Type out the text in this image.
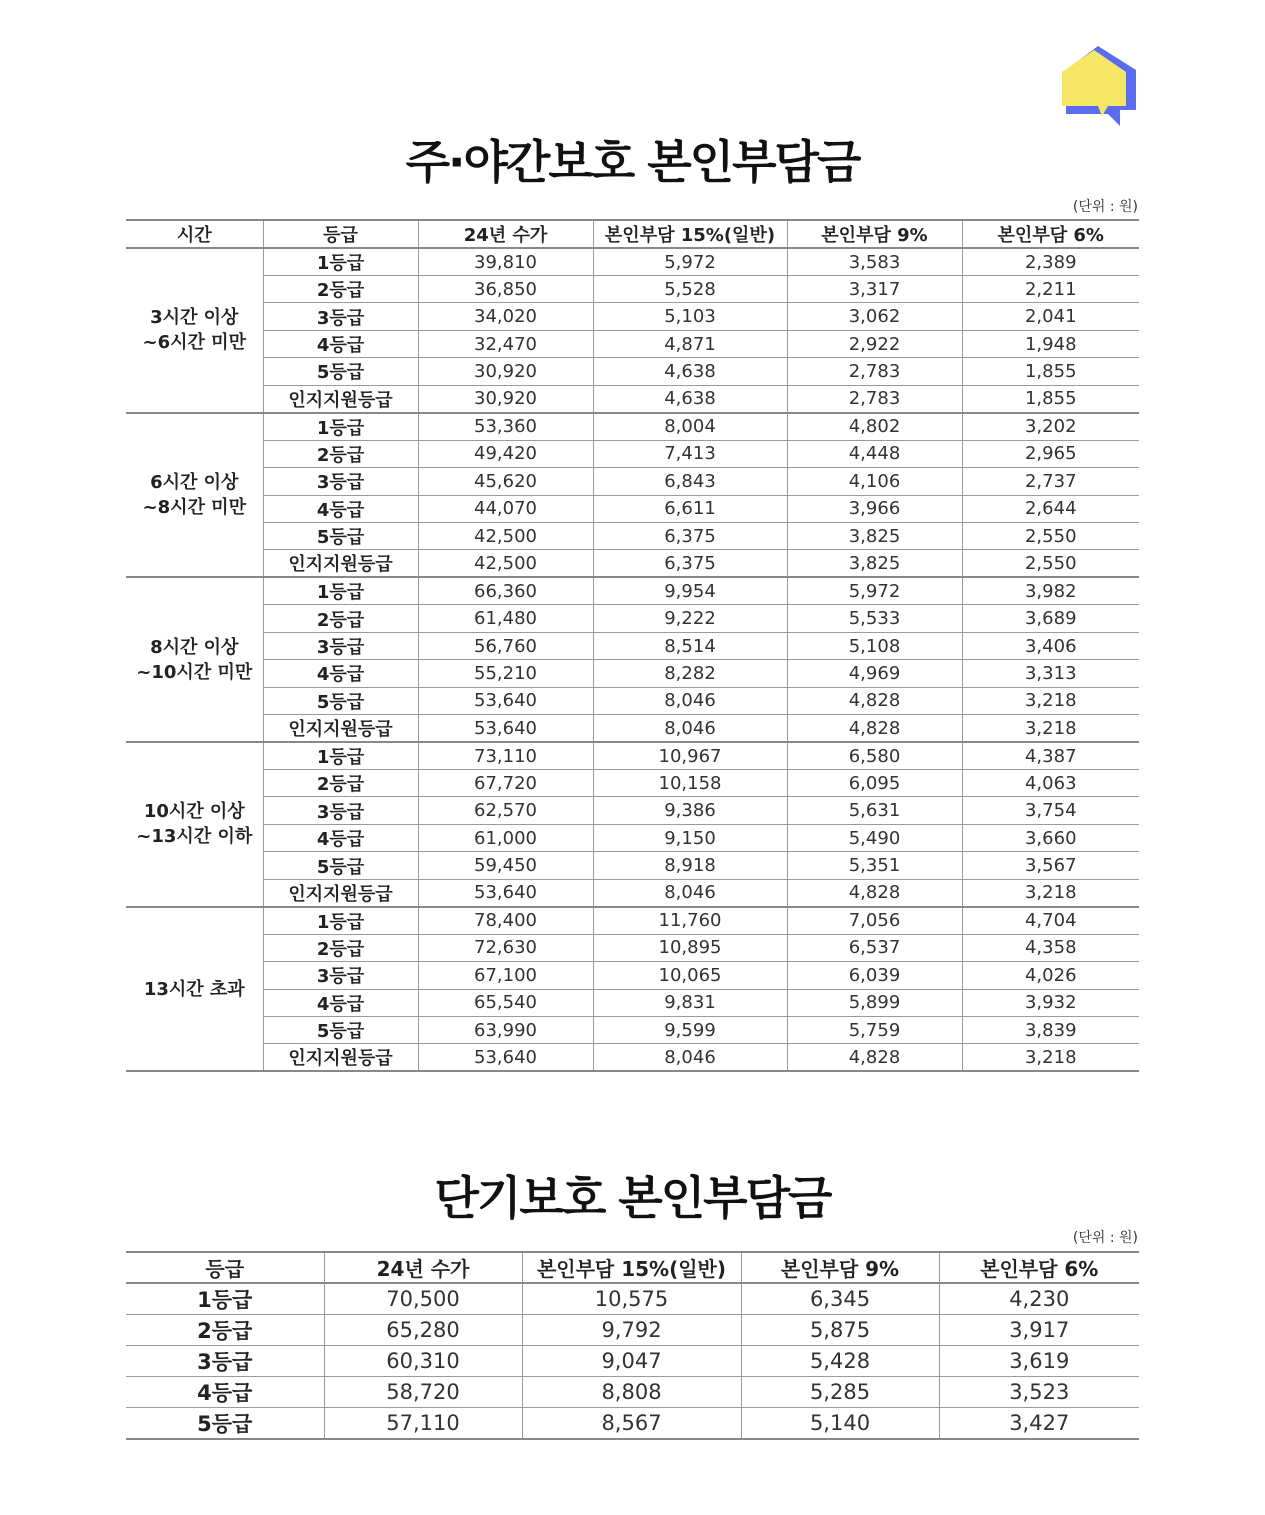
주·야간보호 본인부담금
(단위 : 원)
시간	등급	24년 수가	본인부담 15%(일반)	본인부담 9%	본인부담 6%
3시간 이상
~6시간 미만	1등급	39,810	5,972	3,583	2,389
	2등급	36,850	5,528	3,317	2,211
	3등급	34,020	5,103	3,062	2,041
	4등급	32,470	4,871	2,922	1,948
	5등급	30,920	4,638	2,783	1,855
	인지지원등급	30,920	4,638	2,783	1,855
6시간 이상
~8시간 미만	1등급	53,360	8,004	4,802	3,202
	2등급	49,420	7,413	4,448	2,965
	3등급	45,620	6,843	4,106	2,737
	4등급	44,070	6,611	3,966	2,644
	5등급	42,500	6,375	3,825	2,550
	인지지원등급	42,500	6,375	3,825	2,550
8시간 이상
~10시간 미만	1등급	66,360	9,954	5,972	3,982
	2등급	61,480	9,222	5,533	3,689
	3등급	56,760	8,514	5,108	3,406
	4등급	55,210	8,282	4,969	3,313
	5등급	53,640	8,046	4,828	3,218
	인지지원등급	53,640	8,046	4,828	3,218
10시간 이상
~13시간 이하	1등급	73,110	10,967	6,580	4,387
	2등급	67,720	10,158	6,095	4,063
	3등급	62,570	9,386	5,631	3,754
	4등급	61,000	9,150	5,490	3,660
	5등급	59,450	8,918	5,351	3,567
	인지지원등급	53,640	8,046	4,828	3,218
13시간 초과	1등급	78,400	11,760	7,056	4,704
	2등급	72,630	10,895	6,537	4,358
	3등급	67,100	10,065	6,039	4,026
	4등급	65,540	9,831	5,899	3,932
	5등급	63,990	9,599	5,759	3,839
	인지지원등급	53,640	8,046	4,828	3,218
단기보호 본인부담금
(단위 : 원)
등급	24년 수가	본인부담 15%(일반)	본인부담 9%	본인부담 6%
1등급	70,500	10,575	6,345	4,230
2등급	65,280	9,792	5,875	3,917
3등급	60,310	9,047	5,428	3,619
4등급	58,720	8,808	5,285	3,523
5등급	57,110	8,567	5,140	3,427
